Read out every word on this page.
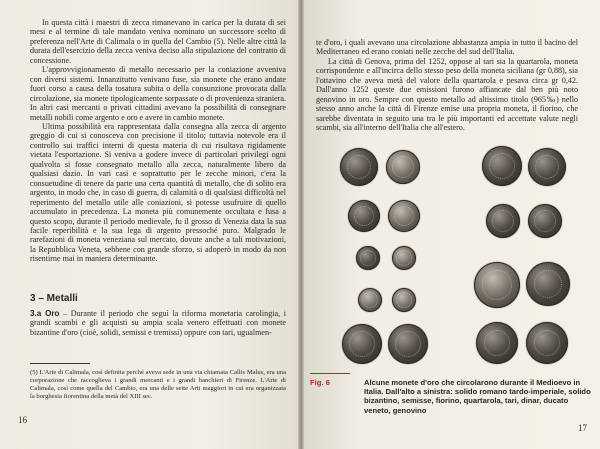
In questa città i maestri di zecca rimanevano in carica per la durata di sei mesi e al termine di tale mandato veniva nominato un successore scelto di preferenza nell'Arte di Calimala o in quella del Cambio (5). Nelle altre città la durata dell'esercizio della zecca veniva deciso alla stipulazione del contratto di concessione.

L'approvvigionamento di metallo necessario per la coniazione avveniva con diversi sistemi. Innanzitutto venivano fuse, sia monete che erano andate fuori corso a causa della tosatura subita o della consunzione provocata dalla circolazione, sia monete tipologicamente sorpassate o di provenienza straniera. In altri casi mercanti o privati cittadini avevano la possibilità di consegnare metalli nobili come argento e oro e avere in cambio monete.

Ultima possibilità era rappresentata dalla consegna alla zecca di argento greggio di cui si conosceva con precisione il titolo; tuttavia notevole era il controllo sui traffici interni di questa materia di cui risultava rigidamente vietata l'esportazione. Si veniva a godere invece di particolari privilegi ogni qualvolta si fosse consegnato metallo alla zecca, naturalmente libero da qualsiasi dazio. In vari casi e soprattutto per le zecche minori, c'era la consuetudine di tenere da parte una certa quantità di metallo, che di solito era argento, in modo che, in caso di guerra, di calamità o di qualsiasi difficoltà nel reperimento del metallo utile alle coniazioni, si potesse usufruire di quello accumulato in precedenza. La moneta più comunemente occultata e fusa a questo scopo, durante il periodo medievale, fu il grosso di Venezia data la sua facile reperibilità e la sua lega di argento pressoché puro. Malgrado le rarefazioni di moneta veneziana sul mercato, dovute anche a tali motivazioni, la Repubblica Veneta, sebbene con grande sforzo, si adoperò in modo da non risentirne mai in maniera determinante.

3 – Metalli

3.a Oro – Durante il periodo che seguì la riforma monetaria carolingia, i grandi scambi e gli acquisti su ampia scala venero effettuati con monete bizantine d'oro (cioè, solidi, semissi e tremissi) oppure con tari, ugualmen-

(5) L'Arte di Calimala, così definita perché aveva sede in una via chiamata Callis Malus, era una corporazione che raccoglieva i grandi mercanti e i grandi banchieri di Firenze. L'Arte di Calimala, così come quella del Cambio, era una delle sette Arti maggiori in cui era organizzata la borghesia fiorentina della metà del XIII sec.
16

te d'oro, i quali avevano una circolazione abbastanza ampia in tutto il bacino del Mediterraneo ed erano coniati nelle zecche del sud dell'Italia.

La città di Genova, prima del 1252, oppose al tari sia la quartarola, moneta corrispondente e all'incirca dello stesso peso della moneta siciliana (gr 0,88), sia l'ottavino che aveva metà del valore della quartarola e pesava circa gr 0,42. Dall'anno 1252 queste due emissioni furono affiancate dal ben più noto genovino in oro. Sempre con questo metallo ad altissimo titolo (965‰) nello stesso anno anche la città di Firenze emise una propria moneta, il fiorino, che sarebbe diventata in seguito una tra le più importanti ed accettate valute negli scambi, sia all'interno dell'Italia che all'estero.

Fig. 6	Alcune monete d'oro che circolarono durante il Medioevo in Italia. Dall'alto a sinistra: solido romano tardo-imperiale, solido bizantino, semisse, fiorino, quartarola, tari, dinar, ducato veneto, genovino
17
